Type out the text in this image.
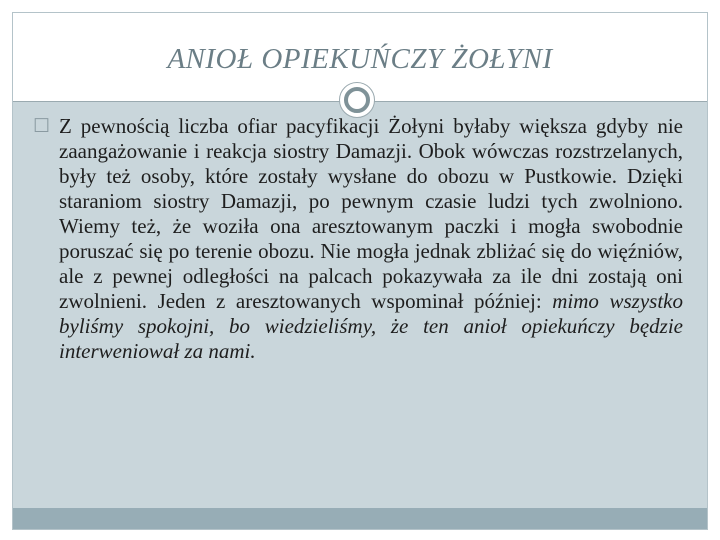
ANIOŁ OPIEKUŃCZY ŻOŁYNI
☐ Z pewnością liczba ofiar pacyfikacji Żołyni byłaby większa gdyby nie zaangażowanie i reakcja siostry Damazji. Obok wówczas rozstrzelanych, były też osoby, które zostały wysłane do obozu w Pustkowie. Dzięki staraniom siostry Damazji, po pewnym czasie ludzi tych zwolniono. Wiemy też, że woziła ona aresztowanym paczki i mogła swobodnie poruszać się po terenie obozu. Nie mogła jednak zbliżać się do więźniów, ale z pewnej odległości na palcach pokazywała za ile dni zostają oni zwolnieni. Jeden z aresztowanych wspominał później: mimo wszystko byliśmy spokojni, bo wiedzieliśmy, że ten anioł opiekuńczy będzie interweniował za nami.
